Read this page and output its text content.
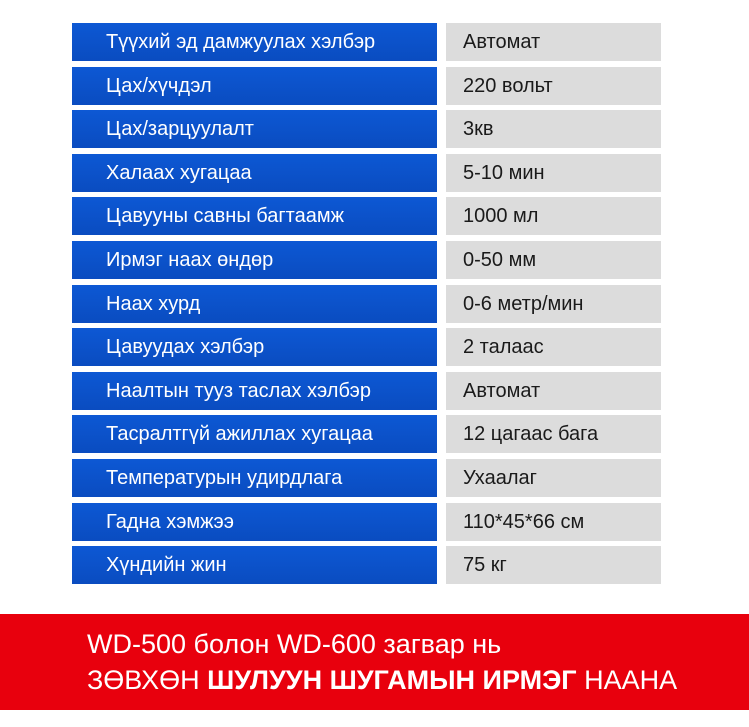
Түүхий эд дамжуулах хэлбэр	Автомат
Цах/хүчдэл	220 вольт
Цах/зарцуулалт	3кв
Халаах хугацаа	5-10 мин
Цавууны савны багтаамж	1000 мл
Ирмэг наах өндөр	0-50 мм
Наах хурд	0-6 метр/мин
Цавуудах хэлбэр	2 талаас
Наалтын тууз таслах хэлбэр	Автомат
Тасралтгүй ажиллах хугацаа	12 цагаас бага
Температурын удирдлага	Ухаалаг
Гадна хэмжээ	110*45*66 см
Хүндийн жин	75 кг
WD-500 болон WD-600 загвар нь
ЗӨВХӨН ШУЛУУН ШУГАМЫН ИРМЭГ НААНА
